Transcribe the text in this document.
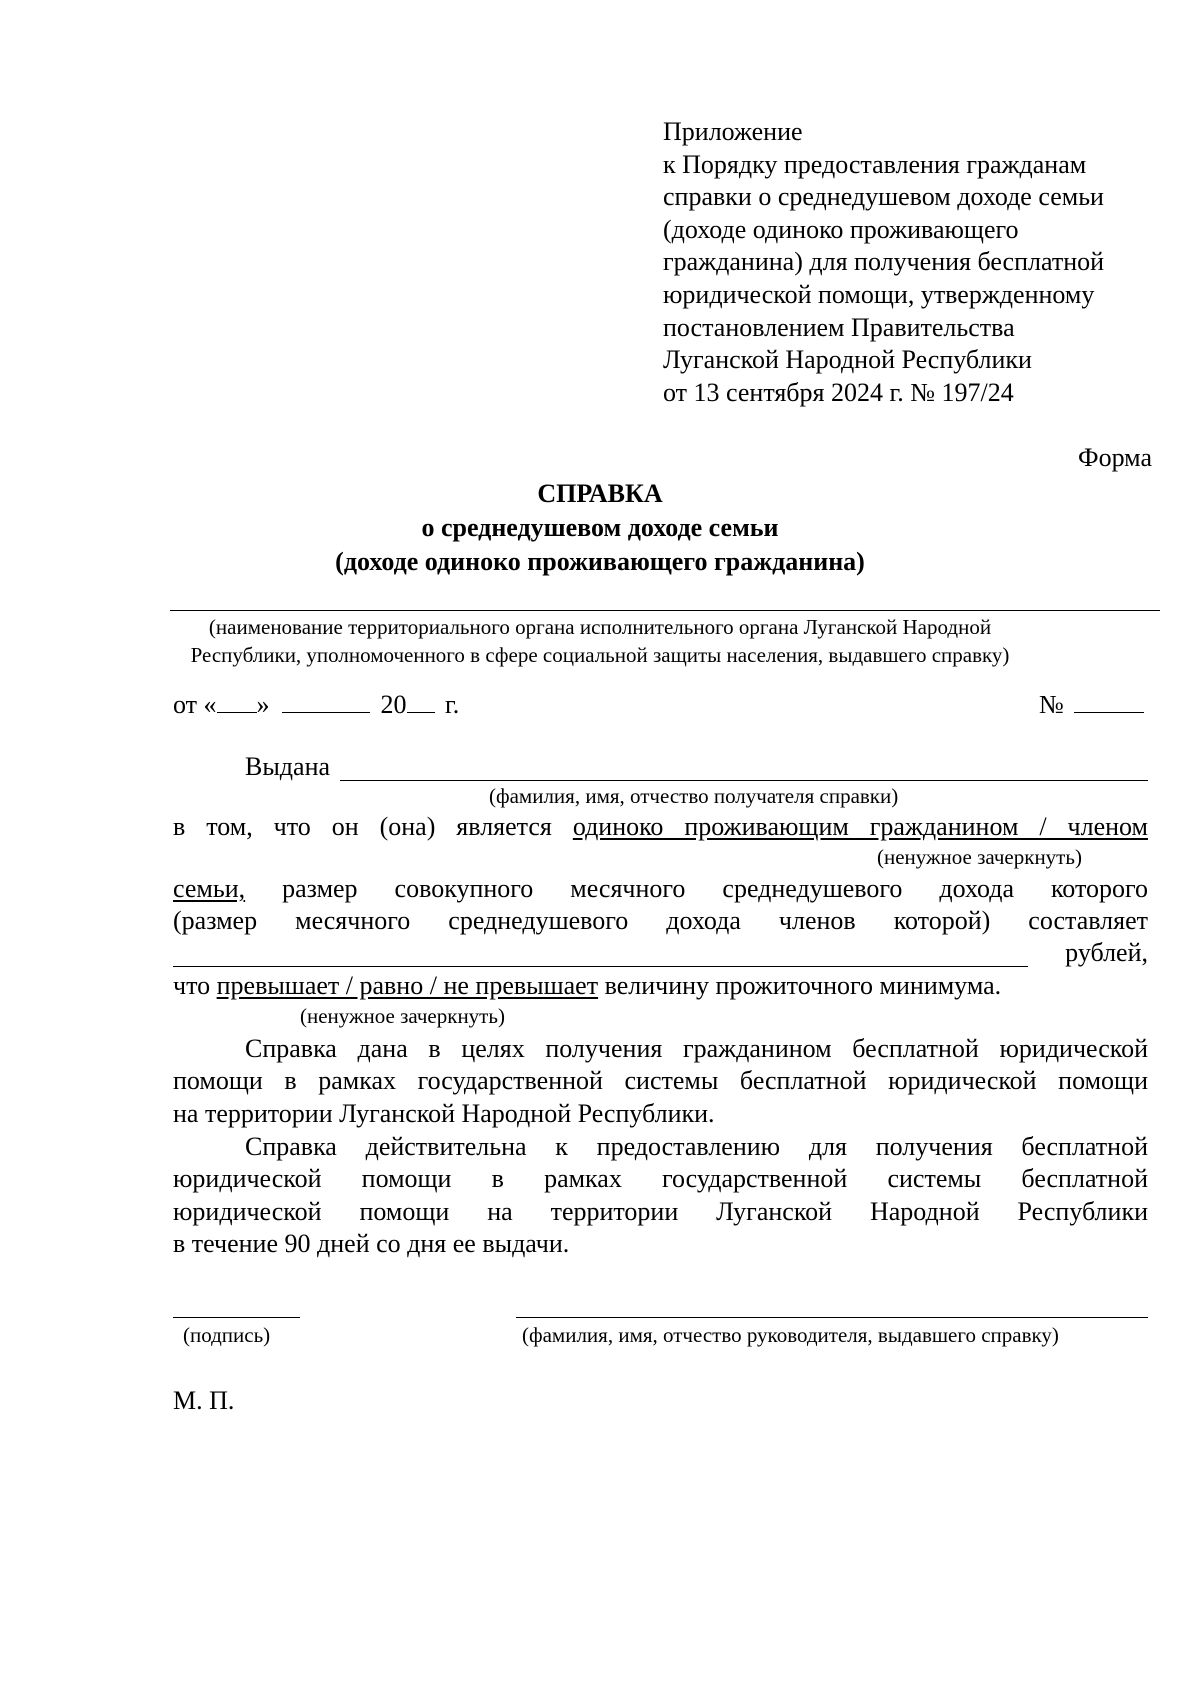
Приложение
к Порядку предоставления гражданам
справки о среднедушевом доходе семьи
(доходе одиноко проживающего
гражданина) для получения бесплатной
юридической помощи, утвержденному
постановлением Правительства
Луганской Народной Республики
от 13 сентября 2024 г. № 197/24
Форма
СПРАВКА
о среднедушевом доходе семьи
(доходе одиноко проживающего гражданина)
(наименование территориального органа исполнительного органа Луганской Народной
Республики, уполномоченного в сфере социальной защиты населения, выдавшего справку)
от « »	20 г.	№
Выдана
(фамилия, имя, отчество получателя справки)
в том, что он (она) является одиноко проживающим гражданином / членом
(ненужное зачеркнуть)
семьи, размер совокупного месячного среднедушевого дохода которого
(размер месячного среднедушевого дохода членов которой) составляет
рублей,
что превышает / равно / не превышает величину прожиточного минимума.
(ненужное зачеркнуть)
Справка дана в целях получения гражданином бесплатной юридической
помощи в рамках государственной системы бесплатной юридической помощи
на территории Луганской Народной Республики.
Справка действительна к предоставлению для получения бесплатной
юридической помощи в рамках государственной системы бесплатной
юридической помощи на территории Луганской Народной Республики
в течение 90 дней со дня ее выдачи.
(подпись)	(фамилия, имя, отчество руководителя, выдавшего справку)
М. П.
